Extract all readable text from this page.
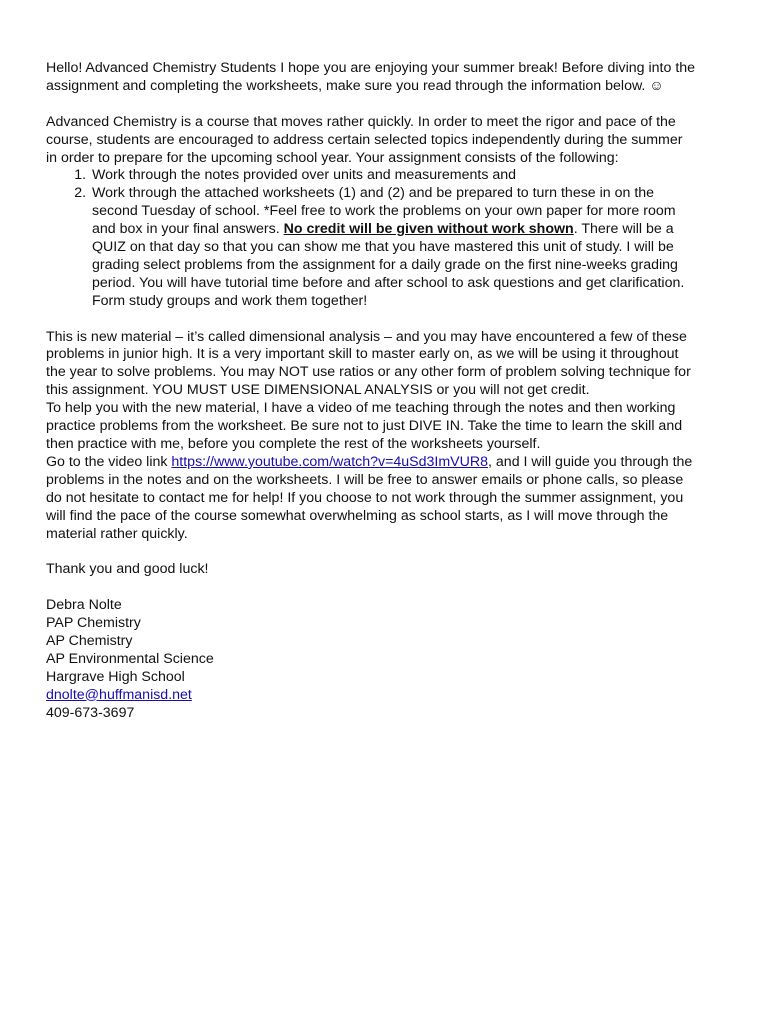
Hello! Advanced Chemistry Students I hope you are enjoying your summer break! Before diving into the assignment and completing the worksheets, make sure you read through the information below. ☺

Advanced Chemistry is a course that moves rather quickly. In order to meet the rigor and pace of the course, students are encouraged to address certain selected topics independently during the summer in order to prepare for the upcoming school year. Your assignment consists of the following:

1. Work through the notes provided over units and measurements and
2. Work through the attached worksheets (1) and (2) and be prepared to turn these in on the second Tuesday of school. *Feel free to work the problems on your own paper for more room and box in your final answers. No credit will be given without work shown. There will be a QUIZ on that day so that you can show me that you have mastered this unit of study. I will be grading select problems from the assignment for a daily grade on the first nine-weeks grading period. You will have tutorial time before and after school to ask questions and get clarification. Form study groups and work them together!

This is new material – it’s called dimensional analysis – and you may have encountered a few of these problems in junior high. It is a very important skill to master early on, as we will be using it throughout the year to solve problems. You may NOT use ratios or any other form of problem solving technique for this assignment. YOU MUST USE DIMENSIONAL ANALYSIS or you will not get credit.

To help you with the new material, I have a video of me teaching through the notes and then working practice problems from the worksheet. Be sure not to just DIVE IN. Take the time to learn the skill and then practice with me, before you complete the rest of the worksheets yourself.

Go to the video link https://www.youtube.com/watch?v=4uSd3ImVUR8, and I will guide you through the problems in the notes and on the worksheets. I will be free to answer emails or phone calls, so please do not hesitate to contact me for help! If you choose to not work through the summer assignment, you will find the pace of the course somewhat overwhelming as school starts, as I will move through the material rather quickly.

Thank you and good luck!

Debra Nolte

PAP Chemistry

AP Chemistry

AP Environmental Science

Hargrave High School

dnolte@huffmanisd.net

409-673-3697
